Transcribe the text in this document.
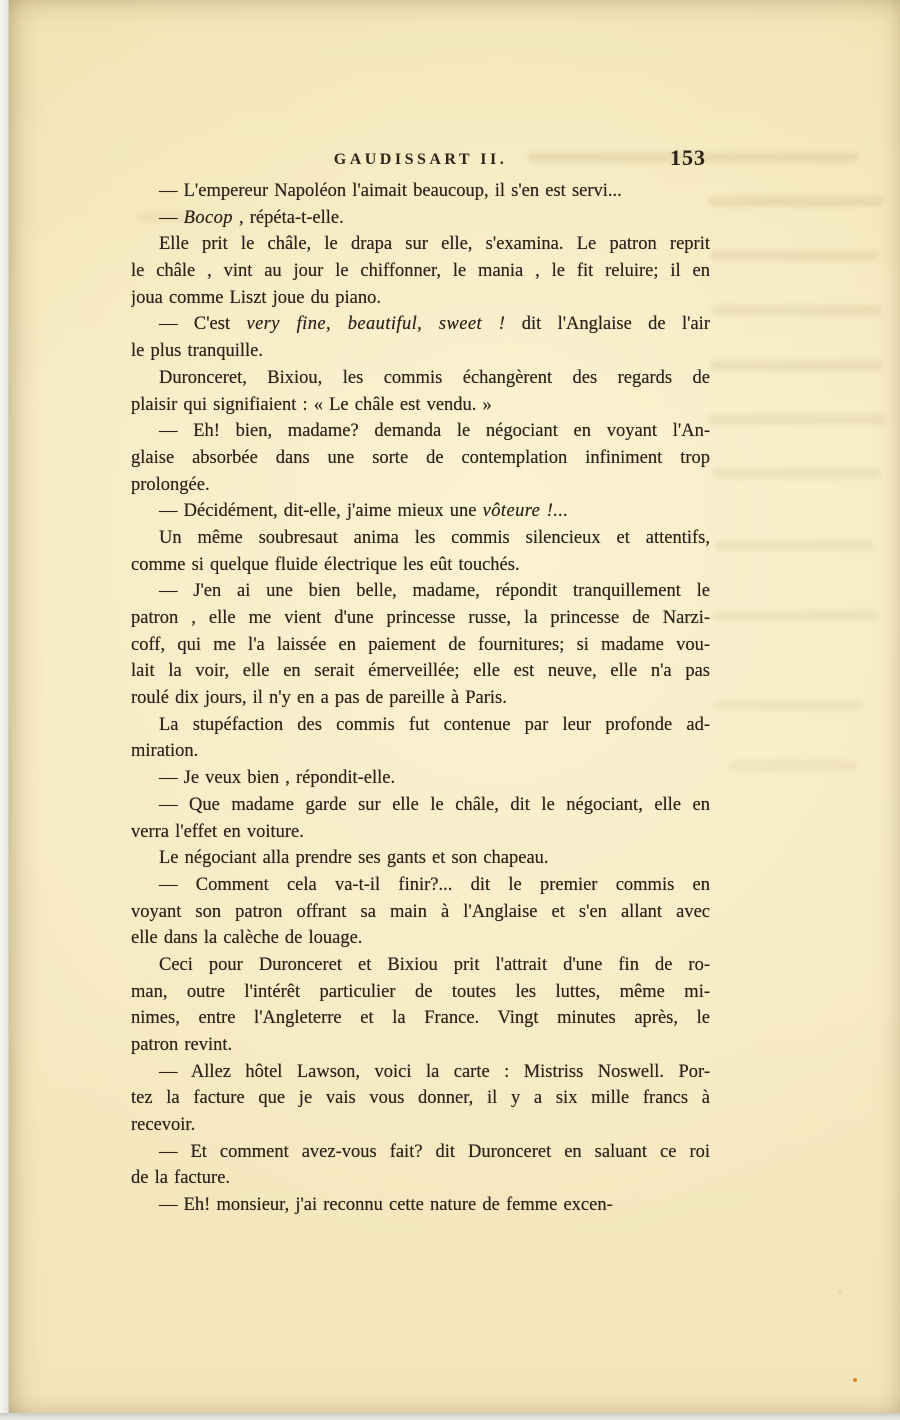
GAUDISSART II.	153
— L'empereur Napoléon l'aimait beaucoup, il s'en est servi...
— Bocop , répéta-t-elle.
Elle prit le châle, le drapa sur elle, s'examina. Le patron reprit
le châle , vint au jour le chiffonner, le mania , le fit reluire; il en
joua comme Liszt joue du piano.
— C'est very fine, beautiful, sweet ! dit l'Anglaise de l'air
le plus tranquille.
Duronceret, Bixiou, les commis échangèrent des regards de
plaisir qui signifiaient : « Le châle est vendu. »
— Eh! bien, madame? demanda le négociant en voyant l'An-
glaise absorbée dans une sorte de contemplation infiniment trop
prolongée.
— Décidément, dit-elle, j'aime mieux une vôteure !...
Un même soubresaut anima les commis silencieux et attentifs,
comme si quelque fluide électrique les eût touchés.
— J'en ai une bien belle, madame, répondit tranquillement le
patron , elle me vient d'une princesse russe, la princesse de Narzi-
coff, qui me l'a laissée en paiement de fournitures; si madame vou-
lait la voir, elle en serait émerveillée; elle est neuve, elle n'a pas
roulé dix jours, il n'y en a pas de pareille à Paris.
La stupéfaction des commis fut contenue par leur profonde ad-
miration.
— Je veux bien , répondit-elle.
— Que madame garde sur elle le châle, dit le négociant, elle en
verra l'effet en voiture.
Le négociant alla prendre ses gants et son chapeau.
— Comment cela va-t-il finir?... dit le premier commis en
voyant son patron offrant sa main à l'Anglaise et s'en allant avec
elle dans la calèche de louage.
Ceci pour Duronceret et Bixiou prit l'attrait d'une fin de ro-
man, outre l'intérêt particulier de toutes les luttes, même mi-
nimes, entre l'Angleterre et la France. Vingt minutes après, le
patron revint.
— Allez hôtel Lawson, voici la carte : Mistriss Noswell. Por-
tez la facture que je vais vous donner, il y a six mille francs à
recevoir.
— Et comment avez-vous fait? dit Duronceret en saluant ce roi
de la facture.
— Eh! monsieur, j'ai reconnu cette nature de femme excen-
